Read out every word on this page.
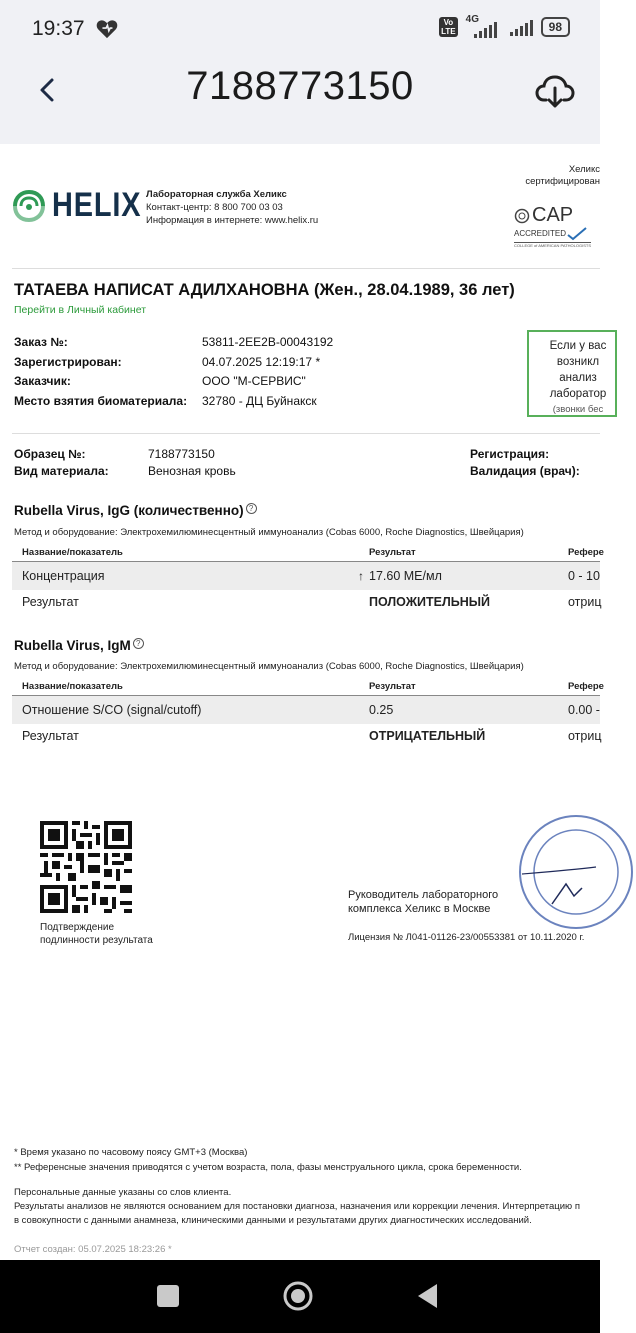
19:37	Vo
LTE
4G
98
7188773150
HELIX Лабораторная служба Хеликс
Контакт-центр: 8 800 700 03 03
Информация в интернете: www.helix.ru
Хеликс
сертифицирован
CAP
ACCREDITED
COLLEGE of AMERICAN PATHOLOGISTS
ТАТАЕВА НАПИСАТ АДИЛХАНОВНА (Жен., 28.04.1989, 36 лет)
Перейти в Личный кабинет
Заказ №:	53811-2EE2B-00043192
Зарегистрирован:	04.07.2025 12:19:17 *
Заказчик:	ООО "М-СЕРВИС"
Место взятия биоматериала: 32780 - ДЦ Буйнакск
Если у вас
возникл
анализ
лаборатор
(звонки бес
Образец №:	7188773150	Регистрация:
Вид материала:	Венозная кровь	Валидация (врач):
Rubella Virus, IgG (количественно) ?
Метод и оборудование: Электрохемилюминесцентный иммуноанализ (Cobas 6000, Roche Diagnostics, Швейцария)
Название/показатель	Результат	Рефере
Концентрация	↑ 17.60 МЕ/мл	0 - 10
Результат	ПОЛОЖИТЕЛЬНЫЙ	отриц
Rubella Virus, IgM ?
Метод и оборудование: Электрохемилюминесцентный иммуноанализ (Cobas 6000, Roche Diagnostics, Швейцария)
Название/показатель	Результат	Рефере
Отношение S/CO (signal/cutoff)	0.25	0.00 -
Результат	ОТРИЦАТЕЛЬНЫЙ	отриц
Подтверждение
подлинности результата
Руководитель лабораторного
комплекса Хеликс в Москве
Лицензия № Л041-01126-23/00553381 от 10.11.2020 г.
* Время указано по часовому поясу GMT+3 (Москва)
** Референсные значения приводятся с учетом возраста, пола, фазы менструального цикла, срока беременности.
Персональные данные указаны со слов клиента.
Результаты анализов не являются основанием для постановки диагноза, назначения или коррекции лечения. Интерпретацию п
в совокупности с данными анамнеза, клиническими данными и результатами других диагностических исследований.
Отчет создан: 05.07.2025 18:23:26 *
